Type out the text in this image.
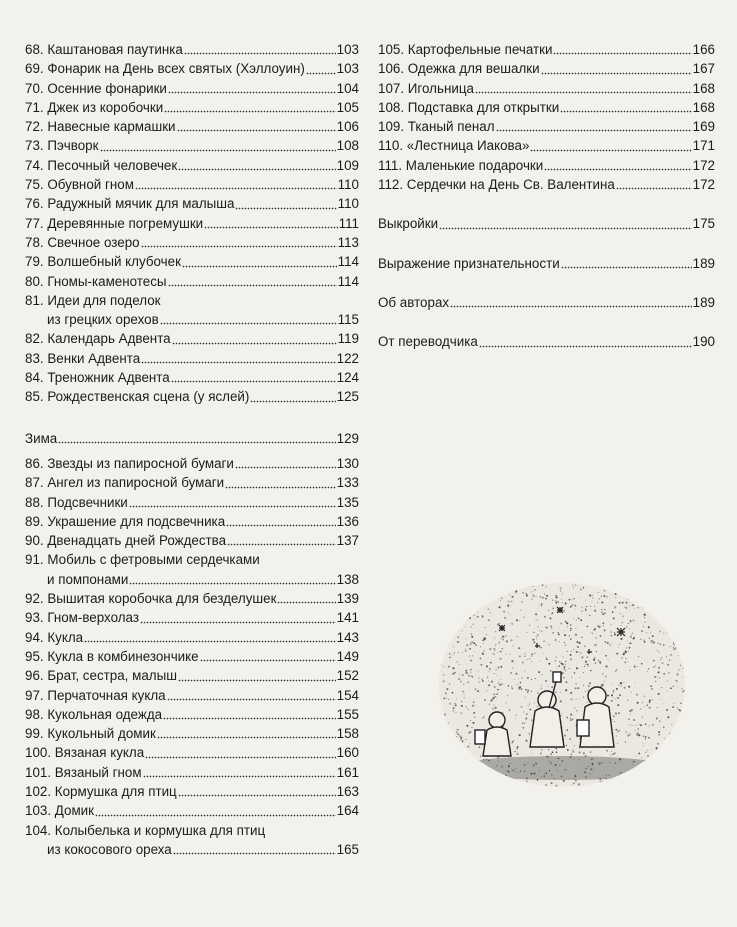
68. Каштановая паутинка	103
69. Фонарик на День всех святых (Хэллоуин) 103
70. Осенние фонарики	104
71. Джек из коробочки	105
72. Навесные кармашки	106
73. Пэчворк	108
74. Песочный человечек	109
75. Обувной гном	110
76. Радужный мячик для малыша	110
77. Деревянные погремушки	111
78. Свечное озеро	113
79. Волшебный клубочек	114
80. Гномы-каменотесы	114
81. Идеи для поделок
из грецких орехов	115
82. Календарь Адвента	119
83. Венки Адвента	122
84. Треножник Адвента	124
85. Рождественская сцена (у яслей)	125
Зима	129
86. Звезды из папиросной бумаги	130
87. Ангел из папиросной бумаги	133
88. Подсвечники	135
89. Украшение для подсвечника	136
90. Двенадцать дней Рождества	137
91. Мобиль с фетровыми сердечками
и помпонами	138
92. Вышитая коробочка для безделушек	139
93. Гном-верхолаз	141
94. Кукла	143
95. Кукла в комбинезончике	149
96. Брат, сестра, малыш	152
97. Перчаточная кукла	154
98. Кукольная одежда	155
99. Кукольный домик	158
100. Вязаная кукла	160
101. Вязаный гном	161
102. Кормушка для птиц	163
103. Домик	164
104. Колыбелька и кормушка для птиц
из кокосового ореха	165
105. Картофельные печатки	166
106. Одежка для вешалки	167
107. Игольница	168
108. Подставка для открытки	168
109. Тканый пенал	169
110. «Лестница Иакова»	171
111. Маленькие подарочки	172
112. Сердечки на День Св. Валентина	172
Выкройки	175
Выражение признательности	189
Об авторах	189
От переводчика	190
